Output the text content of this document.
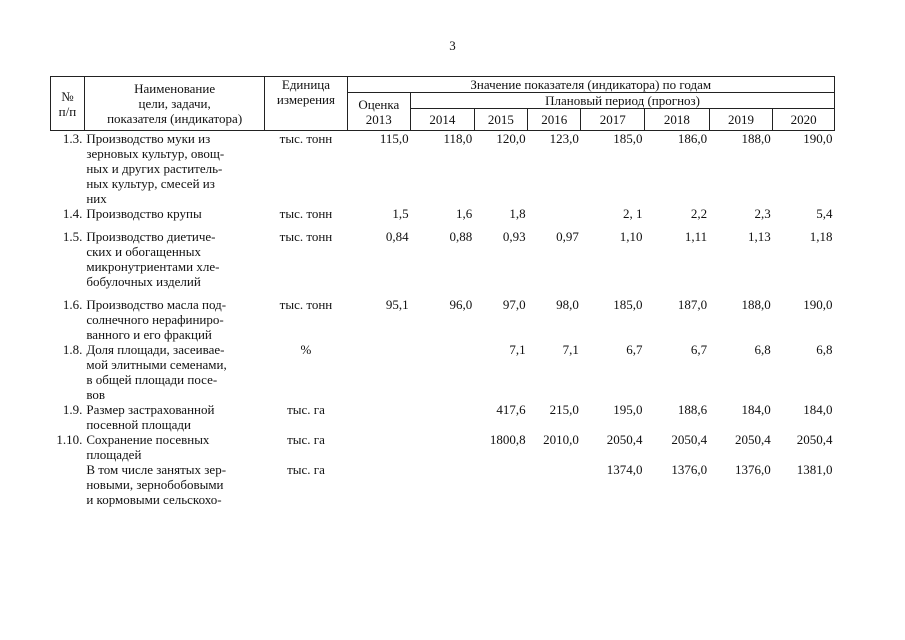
3
№
п/п	Наименование
цели, задачи,
показателя (индикатора)	Единица
измерения	Значение показателя (индикатора) по годам							
			Оценка
2013	Плановый период (прогноз)						
				2014	2015	2016	2017	2018	2019	2020
1.3.	Производство муки из
зерновых культур, овощ-
ных и других раститель-
ных культур, смесей из
них	тыс. тонн	115,0	118,0	120,0	123,0	185,0	186,0	188,0	190,0
1.4.	Производство крупы	тыс. тонн	1,5	1,6	1,8		2, 1	2,2	2,3	5,4
1.5.	Производство диетиче-
ских и обогащенных
микронутриентами хле-
бобулочных изделий	тыс. тонн	0,84	0,88	0,93	0,97	1,10	1,11	1,13	1,18
1.6.	Производство масла под-
солнечного нерафиниро-
ванного и его фракций	тыс. тонн	95,1	96,0	97,0	98,0	185,0	187,0	188,0	190,0
1.8.	Доля площади, засеивае-
мой элитными семенами,
в общей площади посе-
вов	%			7,1	7,1	6,7	6,7	6,8	6,8
1.9.	Размер застрахованной
посевной площади	тыс. га			417,6	215,0	195,0	188,6	184,0	184,0
1.10.	Сохранение посевных
площадей	тыс. га			1800,8	2010,0	2050,4	2050,4	2050,4	2050,4
	В том числе занятых зер-
новыми, зернобобовыми
и кормовыми сельскохо-	тыс. га					1374,0	1376,0	1376,0	1381,0
